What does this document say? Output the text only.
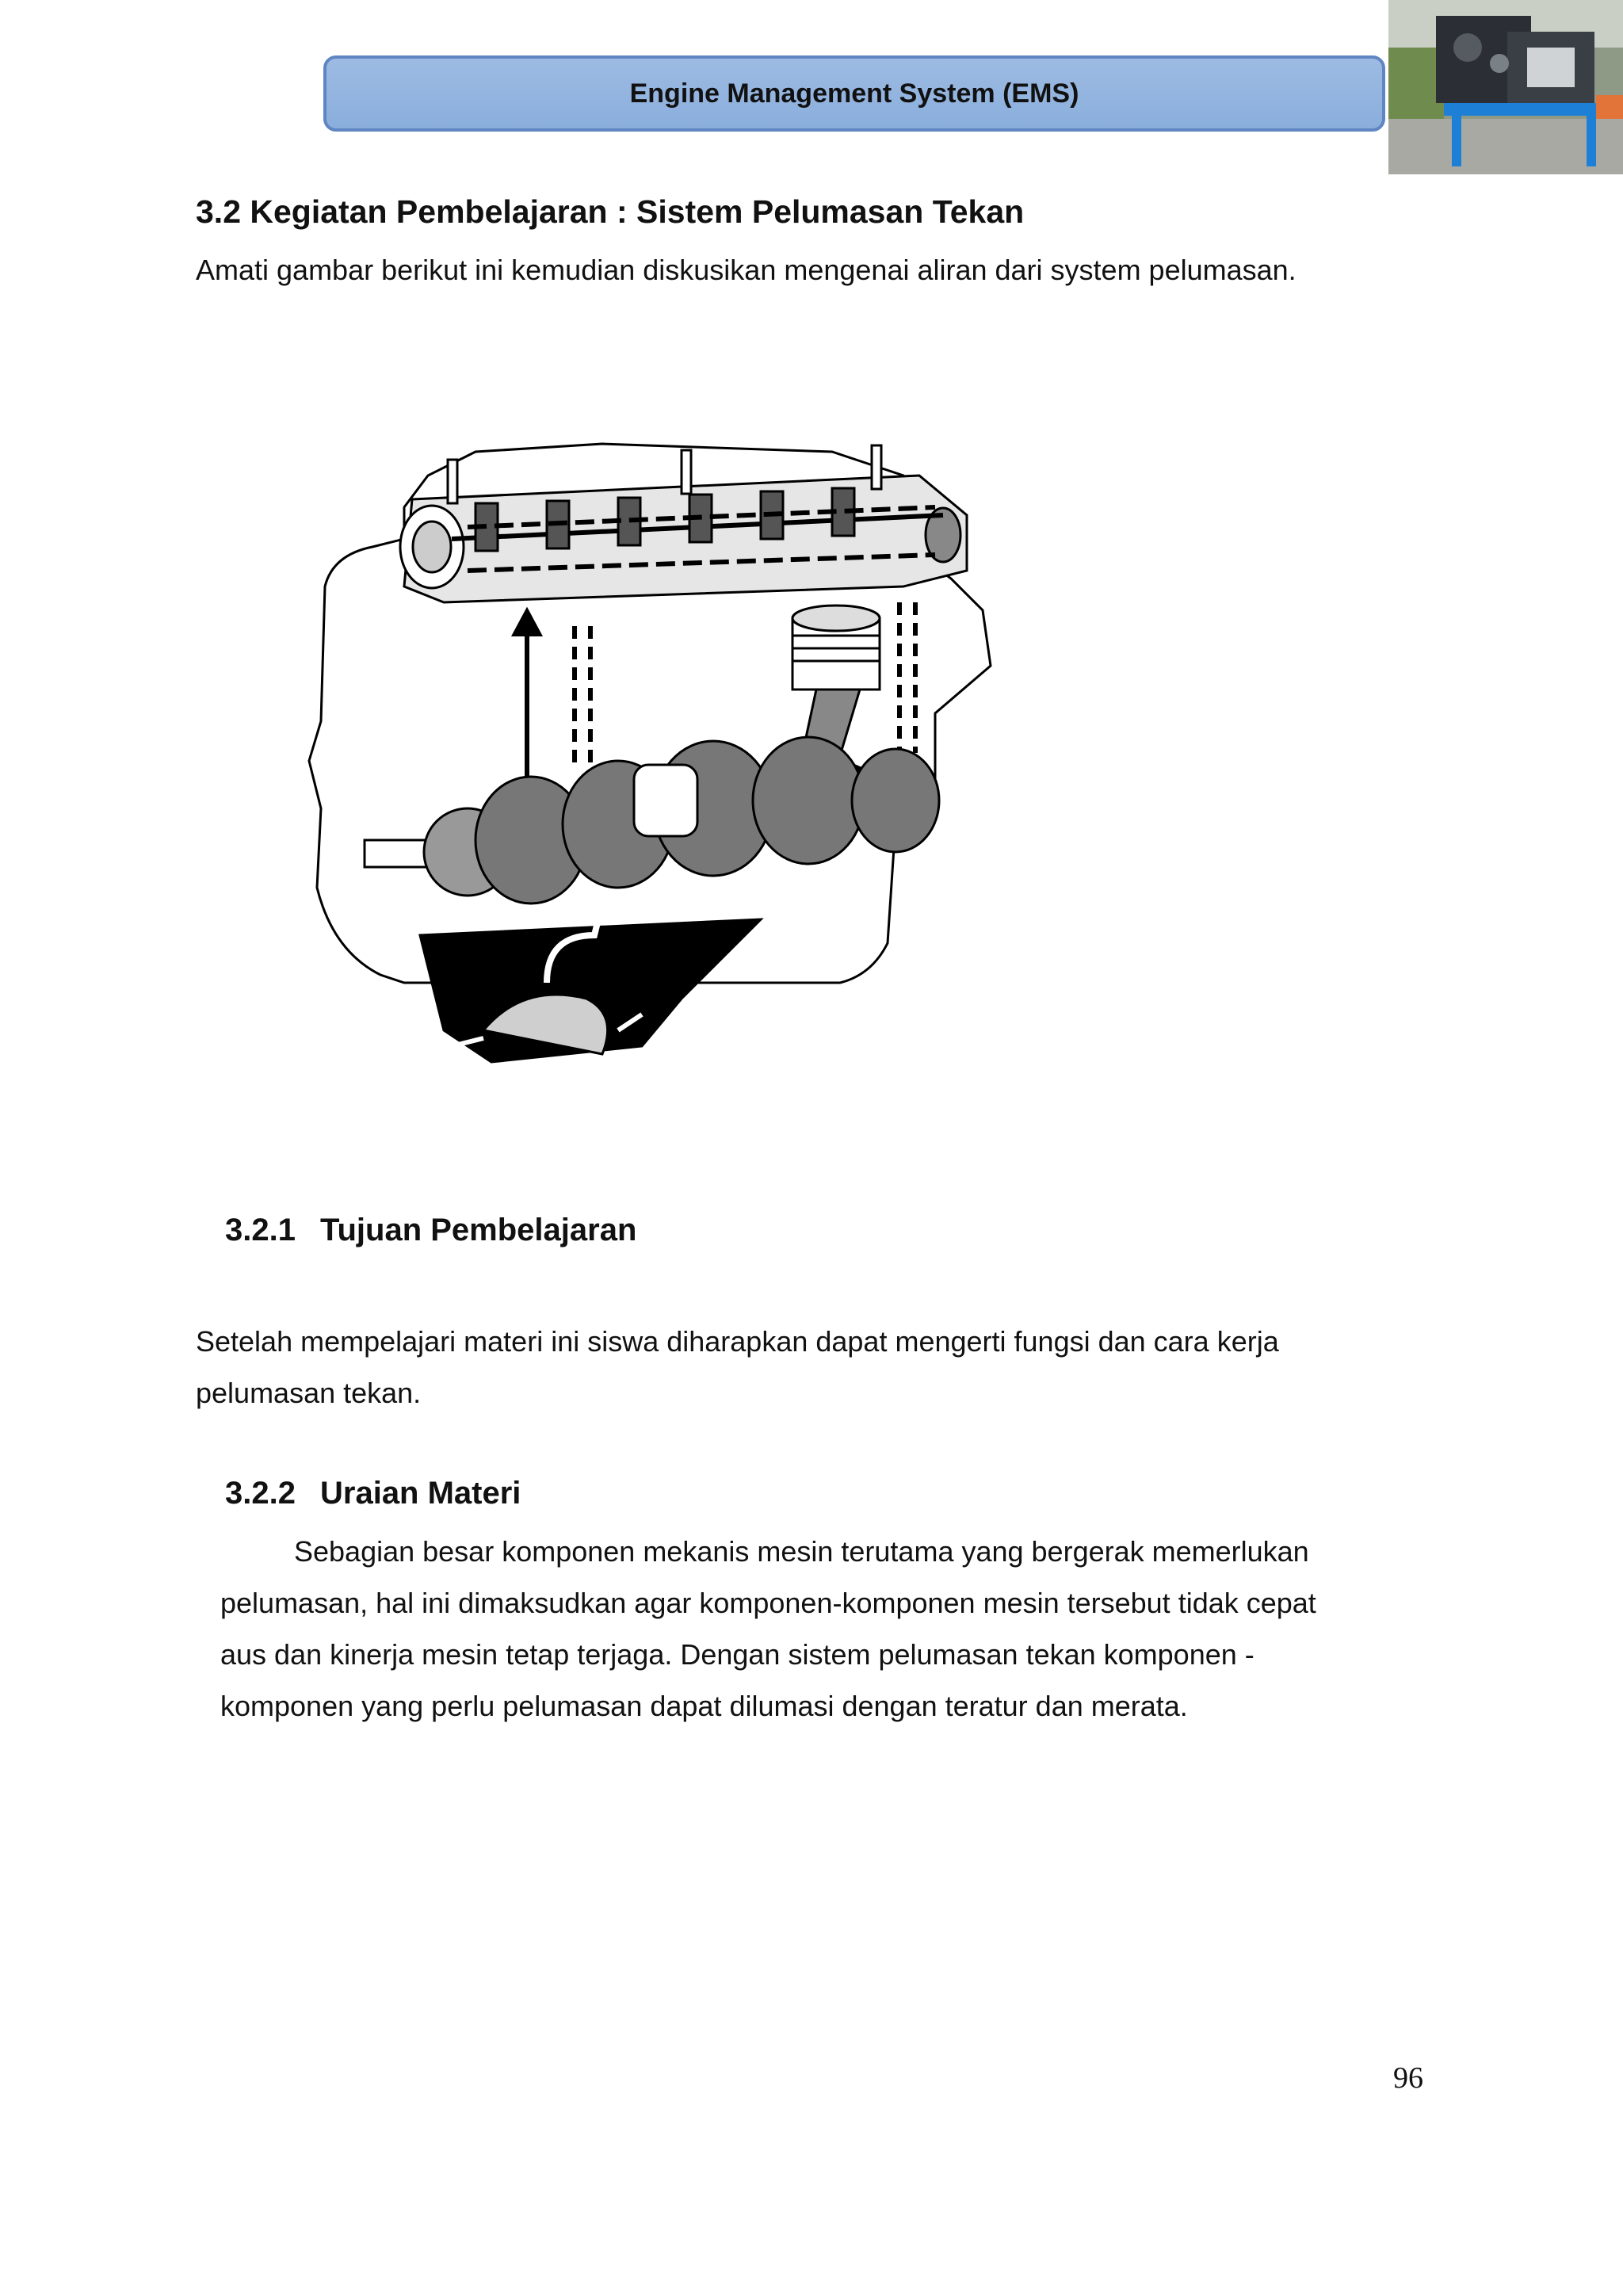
Engine Management System (EMS)
3.2 Kegiatan Pembelajaran : Sistem Pelumasan Tekan
Amati gambar berikut ini kemudian diskusikan mengenai aliran dari system pelumasan.
3.2.1 Tujuan Pembelajaran
Setelah mempelajari materi ini siswa diharapkan dapat mengerti fungsi dan cara kerja
pelumasan tekan.
3.2.2 Uraian Materi
Sebagian besar komponen mekanis mesin terutama yang bergerak memerlukan
pelumasan, hal ini dimaksudkan agar komponen-komponen mesin tersebut tidak cepat
aus dan kinerja mesin tetap terjaga. Dengan sistem pelumasan tekan komponen -
komponen yang perlu pelumasan dapat dilumasi dengan teratur dan merata.
96
